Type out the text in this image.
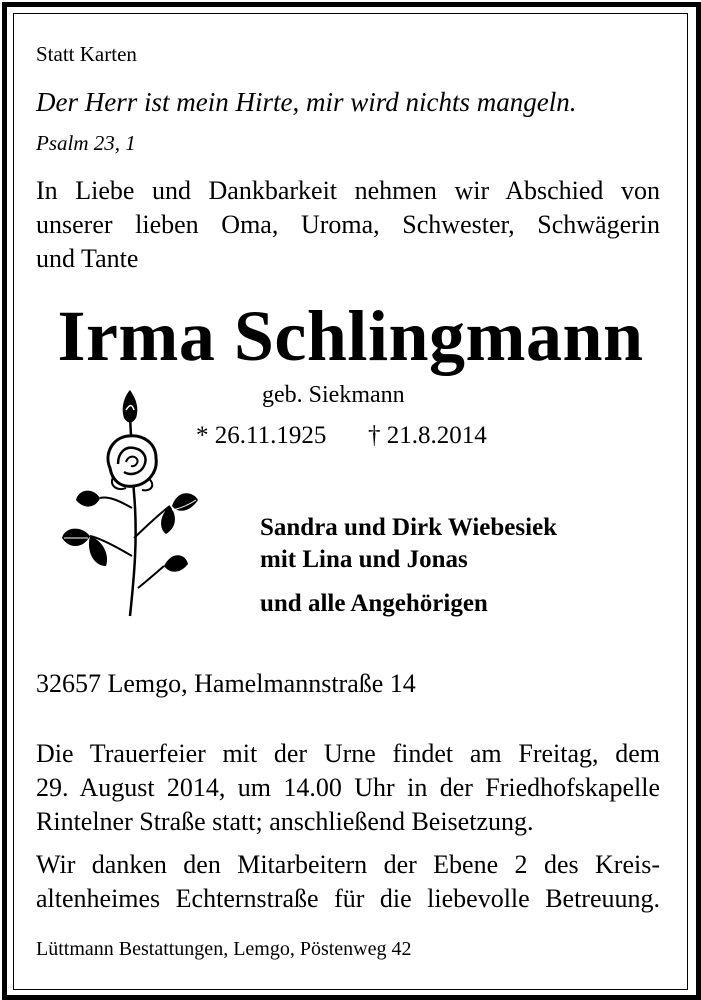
Statt Karten
Der Herr ist mein Hirte, mir wird nichts mangeln.
Psalm 23, 1
In Liebe und Dankbarkeit nehmen wir Abschied von
unserer lieben Oma, Uroma, Schwester, Schwägerin
und Tante
Irma Schlingmann
geb. Siekmann
* 26.11.1925 † 21.8.2014
Sandra und Dirk Wiebesiek
mit Lina und Jonas
und alle Angehörigen
32657 Lemgo, Hamelmannstraße 14
Die Trauerfeier mit der Urne findet am Freitag, dem
29. August 2014, um 14.00 Uhr in der Friedhofskapelle
Rintelner Straße statt; anschließend Beisetzung.
Wir danken den Mitarbeitern der Ebene 2 des Kreis-
altenheimes Echternstraße für die liebevolle Betreuung.
Lüttmann Bestattungen, Lemgo, Pöstenweg 42
